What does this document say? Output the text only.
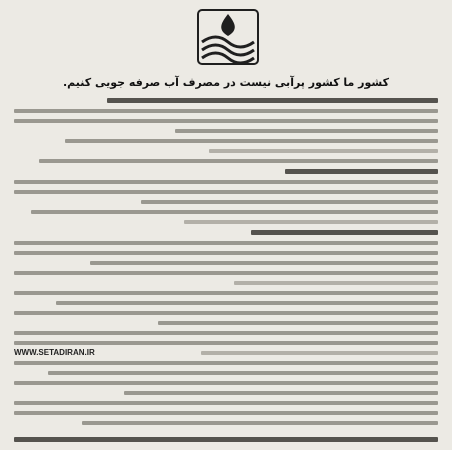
کشور ما کشور پرآبی نیست در مصرف آب صرفه جویی کنیم.
WWW.SETADIRAN.IR
